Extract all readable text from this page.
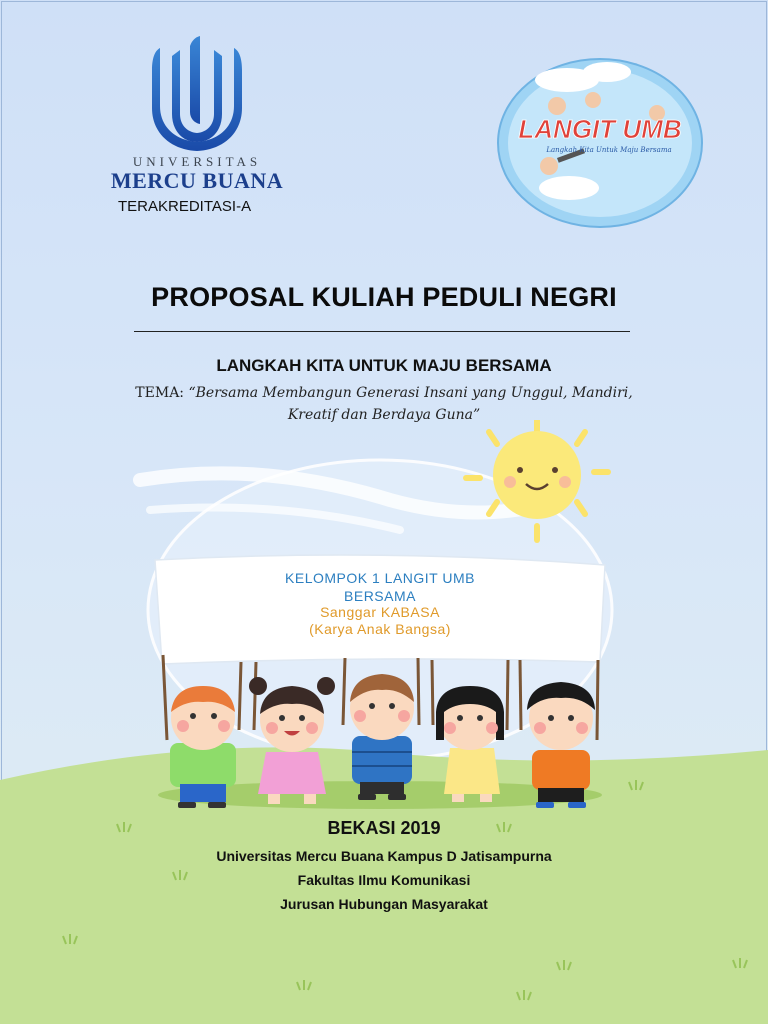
UNIVERSITAS
MERCU BUANA
TERAKREDITASI-A
LANGIT UMB
Langkah Kita Untuk Maju Bersama
PROPOSAL KULIAH PEDULI NEGRI
LANGKAH KITA UNTUK MAJU BERSAMA
TEMA: “Bersama Membangun Generasi Insani yang Unggul, Mandiri,
Kreatif dan Berdaya Guna”
KELOMPOK 1 LANGIT UMB
BERSAMA
Sanggar KABASA
(Karya Anak Bangsa)
BEKASI 2019
Universitas Mercu Buana Kampus D Jatisampurna
Fakultas Ilmu Komunikasi
Jurusan Hubungan Masyarakat
